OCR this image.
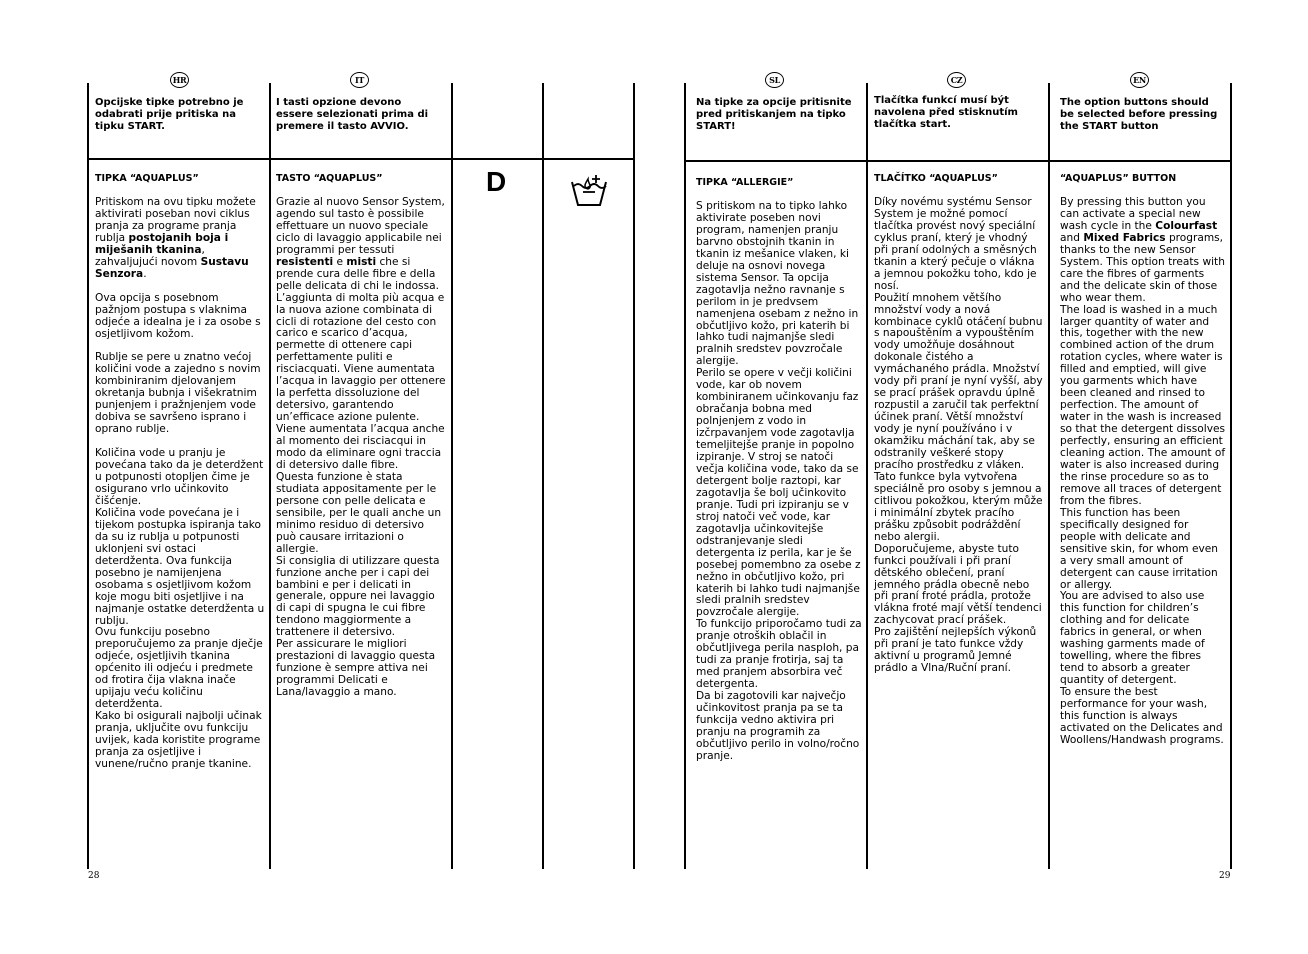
HR	IT
Opcijske tipke potrebno je odabrati prije pritiska na tipku START.
I tasti opzione devono essere selezionati prima di premere il tasto AVVIO.
TIPKA “AQUAPLUS”

Pritiskom na ovu tipku možete aktivirati poseban novi ciklus pranja za programe pranja rublja postojanih boja i miješanih tkanina, zahvaljujući novom Sustavu Senzora.

Ova opcija s posebnom pažnjom postupa s vlaknima odjeće a idealna je i za osobe s osjetljivom kožom.

Rublje se pere u znatno većoj količini vode a zajedno s novim kombiniranim djelovanjem okretanja bubnja i višekratnim punjenjem i pražnjenjem vode dobiva se savršeno isprano i oprano rublje.

Količina vode u pranju je povećana tako da je deterdžent u potpunosti otopljen čime je osigurano vrlo učinkovito čišćenje.

Količina vode povećana je i tijekom postupka ispiranja tako da su iz rublja u potpunosti uklonjeni svi ostaci deterdženta. Ova funkcija posebno je namijenjena osobama s osjetljivom kožom koje mogu biti osjetljive i na najmanje ostatke deterdženta u rublju.

Ovu funkciju posebno preporučujemo za pranje dječje odjeće, osjetljivih tkanina općenito ili odjeću i predmete od frotira čija vlakna inače upijaju veću količinu deterdženta.

Kako bi osigurali najbolji učinak pranja, uključite ovu funkciju uvijek, kada koristite programe pranja za osjetljive i vunene/ručno pranje tkanine.

TASTO “AQUAPLUS”

Grazie al nuovo Sensor System, agendo sul tasto è possibile effettuare un nuovo speciale ciclo di lavaggio applicabile nei programmi per tessuti resistenti e misti che si prende cura delle fibre e della pelle delicata di chi le indossa.

L’aggiunta di molta più acqua e la nuova azione combinata di cicli di rotazione del cesto con carico e scarico d’acqua, permette di ottenere capi perfettamente puliti e risciacquati. Viene aumentata l’acqua in lavaggio per ottenere la perfetta dissoluzione del detersivo, garantendo un’efficace azione pulente. Viene aumentata l’acqua anche al momento dei risciacqui in modo da eliminare ogni traccia di detersivo dalle fibre.

Questa funzione è stata studiata appositamente per le persone con pelle delicata e sensibile, per le quali anche un minimo residuo di detersivo può causare irritazioni o allergie.

Si consiglia di utilizzare questa funzione anche per i capi dei bambini e per i delicati in generale, oppure nei lavaggio di capi di spugna le cui fibre tendono maggiormente a trattenere il detersivo.

Per assicurare le migliori prestazioni di lavaggio questa funzione è sempre attiva nei programmi Delicati e Lana/lavaggio a mano.

D
28
SL	CZ	EN
Na tipke za opcije pritisnite pred pritiskanjem na tipko START!
Tlačítka funkcí musí být navolena před stisknutím tlačítka start.
The option buttons should be selected before pressing the START button
TIPKA “ALLERGIE”

S pritiskom na to tipko lahko aktivirate poseben novi program, namenjen pranju barvno obstojnih tkanin in tkanin iz mešanice vlaken, ki deluje na osnovi novega sistema Sensor. Ta opcija zagotavlja nežno ravnanje s perilom in je predvsem namenjena osebam z nežno in občutljivo kožo, pri katerih bi lahko tudi najmanjše sledi pralnih sredstev povzročale alergije.

Perilo se opere v večji količini vode, kar ob novem kombiniranem učinkovanju faz obračanja bobna med polnjenjem z vodo in izčrpavanjem vode zagotavlja temeljitejše pranje in popolno izpiranje. V stroj se natoči večja količina vode, tako da se detergent bolje raztopi, kar zagotavlja še bolj učinkovito pranje. Tudi pri izpiranju se v stroj natoči več vode, kar zagotavlja učinkovitejše odstranjevanje sledi detergenta iz perila, kar je še posebej pomembno za osebe z nežno in občutljivo kožo, pri katerih bi lahko tudi najmanjše sledi pralnih sredstev povzročale alergije.

To funkcijo priporočamo tudi za pranje otroških oblačil in občutljivega perila nasploh, pa tudi za pranje frotirja, saj ta med pranjem absorbira več detergenta.

Da bi zagotovili kar največjo učinkovitost pranja pa se ta funkcija vedno aktivira pri pranju na programih za občutljivo perilo in volno/ročno pranje.

TLAČÍTKO “AQUAPLUS”

Díky novému systému Sensor System je možné pomocí tlačítka provést nový speciální cyklus praní, který je vhodný při praní odolných a směsných tkanin a který pečuje o vlákna a jemnou pokožku toho, kdo je nosí.

Použití mnohem většího množství vody a nová kombinace cyklů otáčení bubnu s napouštěním a vypouštěním vody umožňuje dosáhnout dokonale čistého a vymáchaného prádla. Množství vody při praní je nyní vyšší, aby se prací prášek opravdu úplně rozpustil a zaručil tak perfektní účinek praní. Větší množství vody je nyní používáno i v okamžiku máchání tak, aby se odstranily veškeré stopy pracího prostředku z vláken.

Tato funkce byla vytvořena speciálně pro osoby s jemnou a citlivou pokožkou, kterým může i minimální zbytek pracího prášku způsobit podráždění nebo alergii.

Doporučujeme, abyste tuto funkci používali i při praní dětského oblečení, praní jemného prádla obecně nebo při praní froté prádla, protože vlákna froté mají větší tendenci zachycovat prací prášek.

Pro zajištění nejlepších výkonů při praní je tato funkce vždy aktivní u programů Jemné prádlo a Vlna/Ruční praní.

“AQUAPLUS” BUTTON

By pressing this button you can activate a special new wash cycle in the Colourfast and Mixed Fabrics programs, thanks to the new Sensor System. This option treats with care the fibres of garments and the delicate skin of those who wear them.

The load is washed in a much larger quantity of water and this, together with the new combined action of the drum rotation cycles, where water is filled and emptied, will give you garments which have been cleaned and rinsed to perfection. The amount of water in the wash is increased so that the detergent dissolves perfectly, ensuring an efficient cleaning action. The amount of water is also increased during the rinse procedure so as to remove all traces of detergent from the fibres.

This function has been specifically designed for people with delicate and sensitive skin, for whom even a very small amount of detergent can cause irritation or allergy.

You are advised to also use this function for children’s clothing and for delicate fabrics in general, or when washing garments made of towelling, where the fibres tend to absorb a greater quantity of detergent.

To ensure the best performance for your wash, this function is always activated on the Delicates and Woollens/Handwash programs.

29
